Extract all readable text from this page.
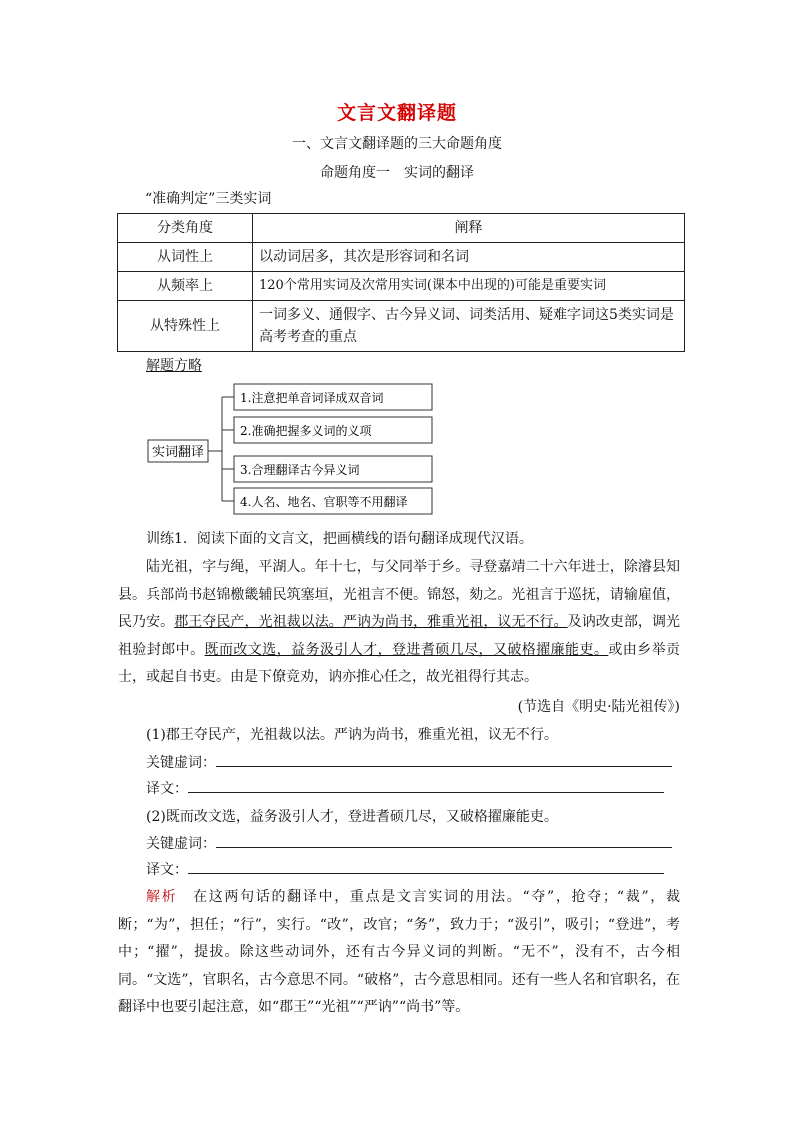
文言文翻译题
一、文言文翻译题的三大命题角度
命题角度一　实词的翻译
“准确判定”三类实词
分类角度	阐释
从词性上	以动词居多，其次是形容词和名词
从频率上	120个常用实词及次常用实词(课本中出现的)可能是重要实词
从特殊性上	一词多义、通假字、古今异义词、词类活用、疑难字词这5类实词是高考考查的重点
解题方略
实词翻译
1.注意把单音词译成双音词
2.准确把握多义词的义项
3.合理翻译古今异义词
4.人名、地名、官职等不用翻译
训练1．阅读下面的文言文，把画横线的语句翻译成现代汉语。
陆光祖，字与绳，平湖人。年十七，与父同举于乡。寻登嘉靖二十六年进士，除濬县知县。兵部尚书赵锦檄畿辅民筑塞垣，光祖言不便。锦怒，劾之。光祖言于巡抚，请输雇值，民乃安。郡王夺民产，光祖裁以法。严讷为尚书，雅重光祖，议无不行。及讷改吏部，调光祖验封郎中。既而改文选，益务汲引人才，登进耆硕几尽，又破格擢廉能吏。或由乡举贡士，或起自书吏。由是下僚竞劝，讷亦推心任之，故光祖得行其志。
(节选自《明史·陆光祖传》)
(1)郡王夺民产，光祖裁以法。严讷为尚书，雅重光祖，议无不行。
关键虚词：
译文：
(2)既而改文选，益务汲引人才，登进耆硕几尽，又破格擢廉能吏。
关键虚词：
译文：
解析　 在这两句话的翻译中，重点是文言实词的用法。“夺”，抢夺；“裁”，裁断；“为”，担任；“行”，实行。“改”，改官；“务”，致力于；“汲引”，吸引；“登进”，考中；“擢”，提拔。除这些动词外，还有古今异义词的判断。“无不”，没有不，古今相同。“文选”，官职名，古今意思不同。“破格”，古今意思相同。还有一些人名和官职名，在翻译中也要引起注意，如“郡王”“光祖”“严讷”“尚书”等。
